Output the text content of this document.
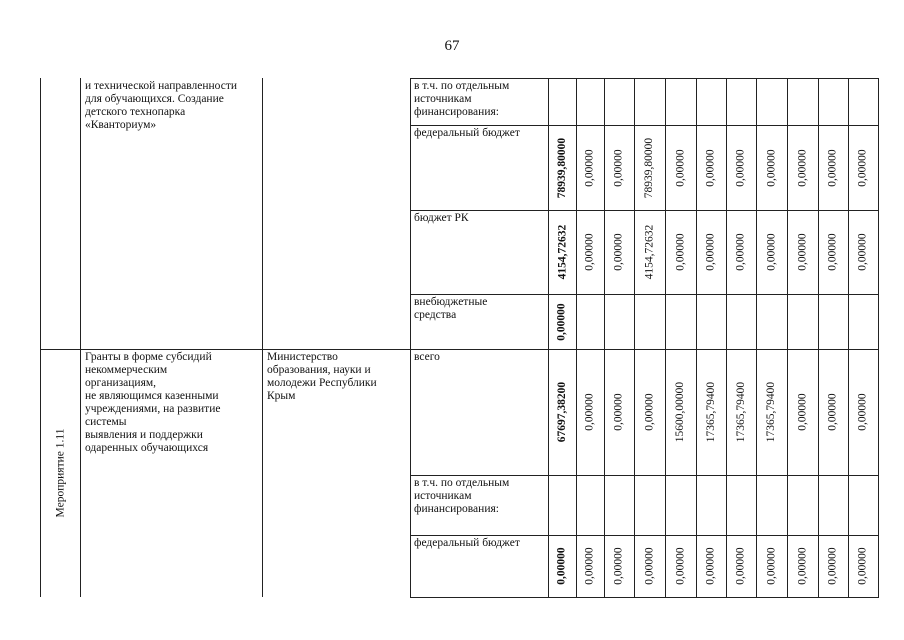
67
и технической направленности
для обучающихся. Создание
детского технопарка
«Кванториум»
в т.ч. по отдельным
источникам
финансирования:
федеральный бюджет
78939,80000 0,00000 0,00000 78939,80000 0,00000 0,00000 0,00000 0,00000 0,00000 0,00000 0,00000
бюджет РК
4154,72632 0,00000 0,00000 4154,72632 0,00000 0,00000 0,00000 0,00000 0,00000 0,00000 0,00000
внебюджетные
средства	0,00000
Мероприятие 1.11
Гранты в форме субсидий
некоммерческим
организациям,
не являющимся казенными
учреждениями, на развитие
системы
выявления и поддержки
одаренных обучающихся
Министерство
образования, науки и
молодежи Республики
Крым
всего
67697,38200 0,00000 0,00000 0,00000 15600,00000 17365,79400 17365,79400 17365,79400 0,00000 0,00000 0,00000
в т.ч. по отдельным
источникам
финансирования:
федеральный бюджет
0,00000 0,00000 0,00000 0,00000 0,00000 0,00000 0,00000 0,00000 0,00000 0,00000 0,00000
